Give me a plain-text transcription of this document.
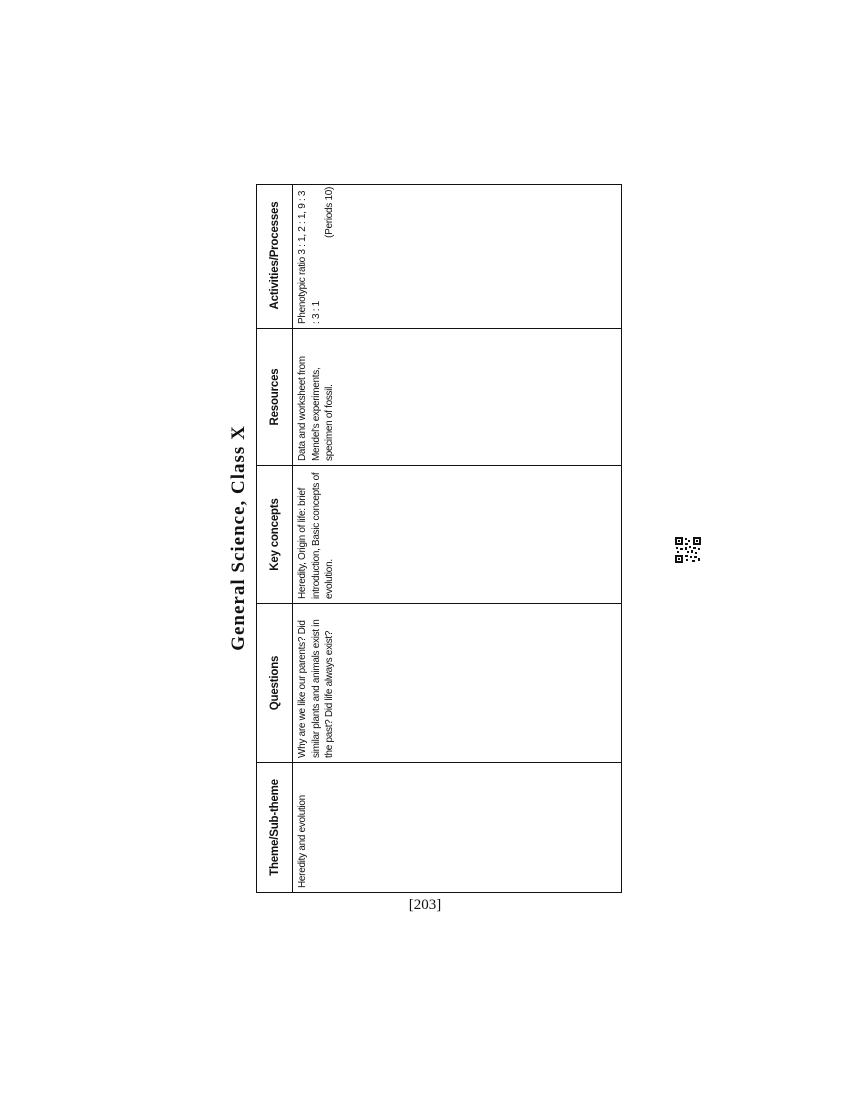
General Science, Class X
Theme/Sub-theme
Questions
Key concepts
Resources
Activities/Processes
Heredity and evolution
Why are we like our parents? Did similar plants and animals exist in the past? Did life always exist?
Heredity, Origin of life: brief introduction, Basic concepts of evolution.
Data and worksheet from Mendel's experiments, specimen of fossil.
Phenotypic ratio 3 : 1, 2 : 1, 9 : 3 : 3 : 1
(Periods 10)
[203]
